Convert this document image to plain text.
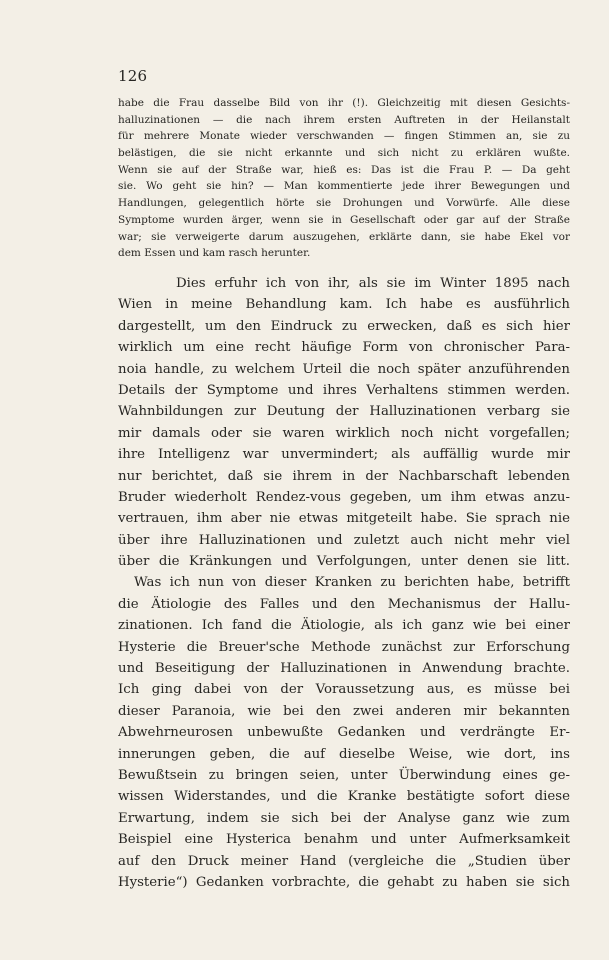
126
habe die Frau dasselbe Bild von ihr (!). Gleichzeitig mit diesen Gesichts-
halluzinationen — die nach ihrem ersten Auftreten in der Heilanstalt
für mehrere Monate wieder verschwanden — fingen Stimmen an, sie zu
belästigen, die sie nicht erkannte und sich nicht zu erklären wußte.
Wenn sie auf der Straße war, hieß es: Das ist die Frau P. — Da geht
sie. Wo geht sie hin? — Man kommentierte jede ihrer Bewegungen und
Handlungen, gelegentlich hörte sie Drohungen und Vorwürfe. Alle diese
Symptome wurden ärger, wenn sie in Gesellschaft oder gar auf der Straße
war; sie verweigerte darum auszugehen, erklärte dann, sie habe Ekel vor
dem Essen und kam rasch herunter.
Dies erfuhr ich von ihr, als sie im Winter 1895 nach
Wien in meine Behandlung kam. Ich habe es ausführlich
dargestellt, um den Eindruck zu erwecken, daß es sich hier
wirklich um eine recht häufige Form von chronischer Para-
noia handle, zu welchem Urteil die noch später anzuführenden
Details der Symptome und ihres Verhaltens stimmen werden.
Wahnbildungen zur Deutung der Halluzinationen verbarg sie
mir damals oder sie waren wirklich noch nicht vorgefallen;
ihre Intelligenz war unvermindert; als auffällig wurde mir
nur berichtet, daß sie ihrem in der Nachbarschaft lebenden
Bruder wiederholt Rendez-vous gegeben, um ihm etwas anzu-
vertrauen, ihm aber nie etwas mitgeteilt habe. Sie sprach nie
über ihre Halluzinationen und zuletzt auch nicht mehr viel
über die Kränkungen und Verfolgungen, unter denen sie litt.
Was ich nun von dieser Kranken zu berichten habe, betrifft
die Ätiologie des Falles und den Mechanismus der Hallu-
zinationen. Ich fand die Ätiologie, als ich ganz wie bei einer
Hysterie die Breuer'sche Methode zunächst zur Erforschung
und Beseitigung der Halluzinationen in Anwendung brachte.
Ich ging dabei von der Voraussetzung aus, es müsse bei
dieser Paranoia, wie bei den zwei anderen mir bekannten
Abwehrneurosen unbewußte Gedanken und verdrängte Er-
innerungen geben, die auf dieselbe Weise, wie dort, ins
Bewußtsein zu bringen seien, unter Überwindung eines ge-
wissen Widerstandes, und die Kranke bestätigte sofort diese
Erwartung, indem sie sich bei der Analyse ganz wie zum
Beispiel eine Hysterica benahm und unter Aufmerksamkeit
auf den Druck meiner Hand (vergleiche die „Studien über
Hysterie“) Gedanken vorbrachte, die gehabt zu haben sie sich
